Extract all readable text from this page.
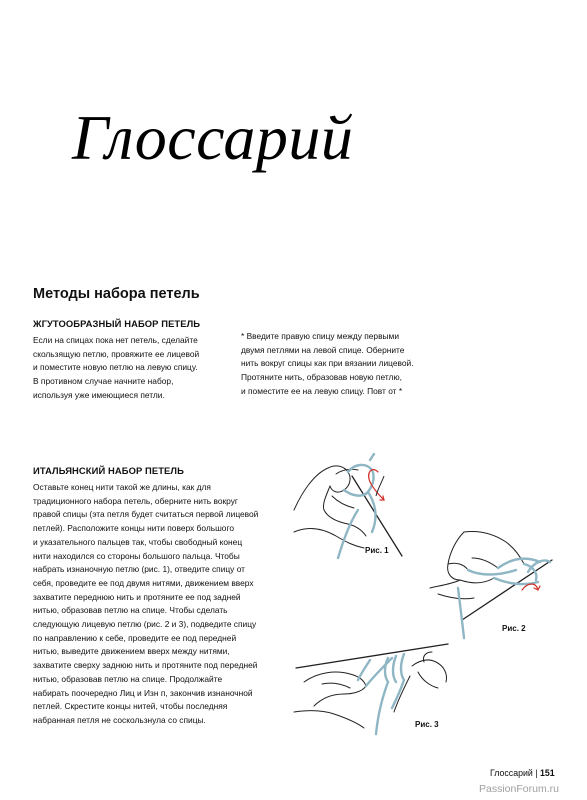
Глоссарий
Методы набора петель
ЖГУТООБРАЗНЫЙ НАБОР ПЕТЕЛЬ
Если на спицах пока нет петель, сделайте
скользящую петлю, провяжите ее лицевой
и поместите новую петлю на левую спицу.
В противном случае начните набор,
используя уже имеющиеся петли.
* Введите правую спицу между первыми
двумя петлями на левой спице. Оберните
нить вокруг спицы как при вязании лицевой.
Протяните нить, образовав новую петлю,
и поместите ее на левую спицу. Повт от *
ИТАЛЬЯНСКИЙ НАБОР ПЕТЕЛЬ
Оставьте конец нити такой же длины, как для
традиционного набора петель, оберните нить вокруг
правой спицы (эта петля будет считаться первой лицевой
петлей). Расположите концы нити поверх большого
и указательного пальцев так, чтобы свободный конец
нити находился со стороны большого пальца. Чтобы
набрать изнаночную петлю (рис. 1), отведите спицу от
себя, проведите ее под двумя нитями, движением вверх
захватите переднюю нить и протяните ее под задней
нитью, образовав петлю на спице. Чтобы сделать
следующую лицевую петлю (рис. 2 и 3), подведите спицу
по направлению к себе, проведите ее под передней
нитью, выведите движением вверх между нитями,
захватите сверху заднюю нить и протяните под передней
нитью, образовав петлю на спице. Продолжайте
набирать поочередно Лиц и Изн п, закончив изнаночной
петлей. Скрестите концы нитей, чтобы последняя
набранная петля не соскользнула со спицы.
Рис. 1
Рис. 2
Рис. 3
Глоссарий | 151
PassionForum.ru
